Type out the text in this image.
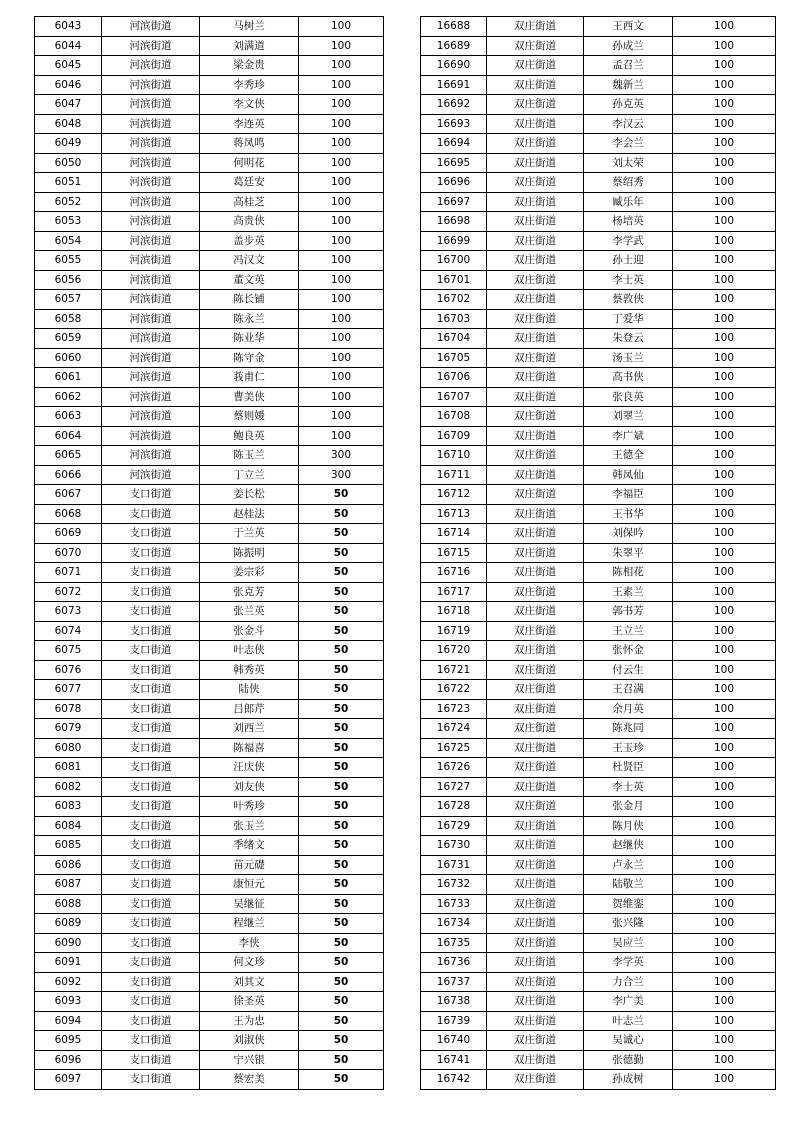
6043	河滨街道	马树兰	100
6044	河滨街道	刘满道	100
6045	河滨街道	梁金贵	100
6046	河滨街道	李秀珍	100
6047	河滨街道	李文侠	100
6048	河滨街道	李连英	100
6049	河滨街道	蒋凤鸣	100
6050	河滨街道	何明花	100
6051	河滨街道	葛廷安	100
6052	河滨街道	高桂芝	100
6053	河滨街道	高贵侠	100
6054	河滨街道	盖步英	100
6055	河滨街道	冯汉文	100
6056	河滨街道	董文英	100
6057	河滨街道	陈长铺	100
6058	河滨街道	陈永兰	100
6059	河滨街道	陈业华	100
6060	河滨街道	陈守金	100
6061	河滨街道	莪甫仁	100
6062	河滨街道	曹美侠	100
6063	河滨街道	蔡则媛	100
6064	河滨街道	鲍良英	100
6065	河滨街道	陈玉兰	300
6066	河滨街道	丁立兰	300
6067	支口街道	姜长松	50
6068	支口街道	赵桂法	50
6069	支口街道	于兰英	50
6070	支口街道	陈振明	50
6071	支口街道	姜宗彩	50
6072	支口街道	张克芳	50
6073	支口街道	张兰英	50
6074	支口街道	张金斗	50
6075	支口街道	叶志侠	50
6076	支口街道	韩秀英	50
6077	支口街道	陆侠	50
6078	支口街道	吕郎芹	50
6079	支口街道	刘西兰	50
6080	支口街道	陈福喜	50
6081	支口街道	汪庆侠	50
6082	支口街道	刘友侠	50
6083	支口街道	叶秀珍	50
6084	支口街道	张玉兰	50
6085	支口街道	季绪文	50
6086	支口街道	苗元礎	50
6087	支口街道	康恒元	50
6088	支口街道	吴继征	50
6089	支口街道	程继兰	50
6090	支口街道	李侠	50
6091	支口街道	何文珍	50
6092	支口街道	刘其文	50
6093	支口街道	徐圣英	50
6094	支口街道	王为忠	50
6095	支口街道	刘淑侠	50
6096	支口街道	宁兴银	50
6097	支口街道	蔡宏美	50
16688	双庄街道	王西文	100
16689	双庄街道	孙成兰	100
16690	双庄街道	孟召兰	100
16691	双庄街道	魏新兰	100
16692	双庄街道	孙克英	100
16693	双庄街道	李汉云	100
16694	双庄街道	李会兰	100
16695	双庄街道	刘太荣	100
16696	双庄街道	蔡绍秀	100
16697	双庄街道	臧乐年	100
16698	双庄街道	杨培英	100
16699	双庄街道	李学武	100
16700	双庄街道	孙士迎	100
16701	双庄街道	李士英	100
16702	双庄街道	蔡敦侠	100
16703	双庄街道	丁爱华	100
16704	双庄街道	朱登云	100
16705	双庄街道	汤玉兰	100
16706	双庄街道	高书侠	100
16707	双庄街道	张良英	100
16708	双庄街道	刘翠兰	100
16709	双庄街道	李广斌	100
16710	双庄街道	王德全	100
16711	双庄街道	韩凤仙	100
16712	双庄街道	李福臣	100
16713	双庄街道	王书华	100
16714	双庄街道	刘保吟	100
16715	双庄街道	朱翠平	100
16716	双庄街道	陈相花	100
16717	双庄街道	王素兰	100
16718	双庄街道	郭书芳	100
16719	双庄街道	王立兰	100
16720	双庄街道	张怀金	100
16721	双庄街道	付云生	100
16722	双庄街道	王召满	100
16723	双庄街道	余月英	100
16724	双庄街道	陈兆同	100
16725	双庄街道	王玉珍	100
16726	双庄街道	杜贤臣	100
16727	双庄街道	李士英	100
16728	双庄街道	张金月	100
16729	双庄街道	陈月侠	100
16730	双庄街道	赵继侠	100
16731	双庄街道	卢永兰	100
16732	双庄街道	陆敬兰	100
16733	双庄街道	贺维銮	100
16734	双庄街道	张兴隆	100
16735	双庄街道	吴应兰	100
16736	双庄街道	李学英	100
16737	双庄街道	力合兰	100
16738	双庄街道	李广美	100
16739	双庄街道	叶志兰	100
16740	双庄街道	吴诚心	100
16741	双庄街道	张德勤	100
16742	双庄街道	孙成树	100
